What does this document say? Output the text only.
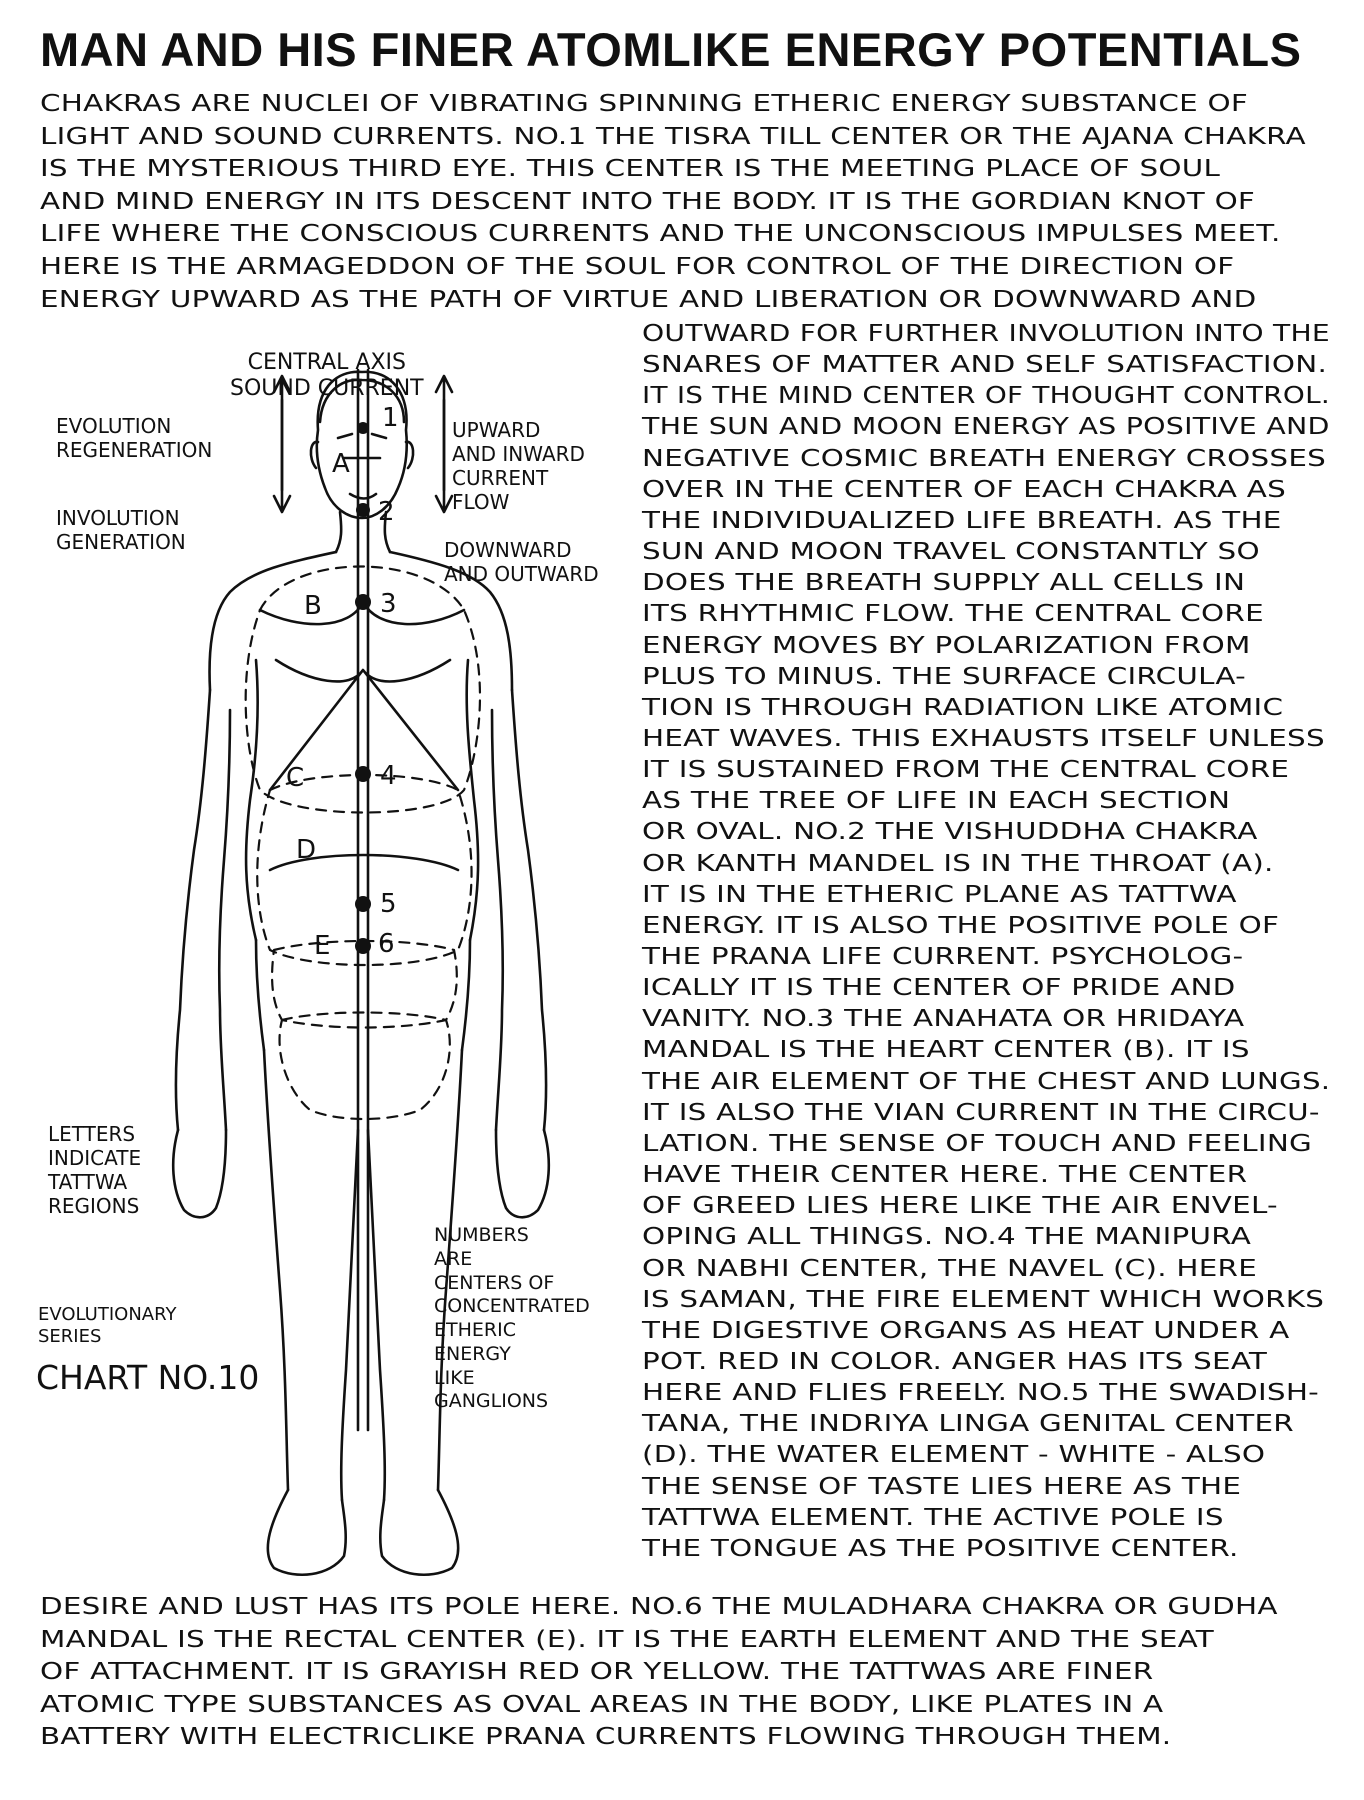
MAN AND HIS FINER ATOMLIKE ENERGY POTENTIALS
CHAKRAS ARE NUCLEI OF VIBRATING SPINNING ETHERIC ENERGY SUBSTANCE OF
LIGHT AND SOUND CURRENTS. NO.1 THE TISRA TILL CENTER OR THE AJANA CHAKRA
IS THE MYSTERIOUS THIRD EYE. THIS CENTER IS THE MEETING PLACE OF SOUL
AND MIND ENERGY IN ITS DESCENT INTO THE BODY. IT IS THE GORDIAN KNOT OF
LIFE WHERE THE CONSCIOUS CURRENTS AND THE UNCONSCIOUS IMPULSES MEET.
HERE IS THE ARMAGEDDON OF THE SOUL FOR CONTROL OF THE DIRECTION OF
ENERGY UPWARD AS THE PATH OF VIRTUE AND LIBERATION OR DOWNWARD AND
OUTWARD FOR FURTHER INVOLUTION INTO THE
SNARES OF MATTER AND SELF SATISFACTION.
IT IS THE MIND CENTER OF THOUGHT CONTROL.
THE SUN AND MOON ENERGY AS POSITIVE AND
NEGATIVE COSMIC BREATH ENERGY CROSSES
OVER IN THE CENTER OF EACH CHAKRA AS
THE INDIVIDUALIZED LIFE BREATH. AS THE
SUN AND MOON TRAVEL CONSTANTLY SO
DOES THE BREATH SUPPLY ALL CELLS IN
ITS RHYTHMIC FLOW. THE CENTRAL CORE
ENERGY MOVES BY POLARIZATION FROM
PLUS TO MINUS. THE SURFACE CIRCULA-
TION IS THROUGH RADIATION LIKE ATOMIC
HEAT WAVES. THIS EXHAUSTS ITSELF UNLESS
IT IS SUSTAINED FROM THE CENTRAL CORE
AS THE TREE OF LIFE IN EACH SECTION
OR OVAL. NO.2 THE VISHUDDHA CHAKRA
OR KANTH MANDEL IS IN THE THROAT (A).
IT IS IN THE ETHERIC PLANE AS TATTWA
ENERGY. IT IS ALSO THE POSITIVE POLE OF
THE PRANA LIFE CURRENT. PSYCHOLOG-
ICALLY IT IS THE CENTER OF PRIDE AND
VANITY. NO.3 THE ANAHATA OR HRIDAYA
MANDAL IS THE HEART CENTER (B). IT IS
THE AIR ELEMENT OF THE CHEST AND LUNGS.
IT IS ALSO THE VIAN CURRENT IN THE CIRCU-
LATION. THE SENSE OF TOUCH AND FEELING
HAVE THEIR CENTER HERE. THE CENTER
OF GREED LIES HERE LIKE THE AIR ENVEL-
OPING ALL THINGS. NO.4 THE MANIPURA
OR NABHI CENTER, THE NAVEL (C). HERE
IS SAMAN, THE FIRE ELEMENT WHICH WORKS
THE DIGESTIVE ORGANS AS HEAT UNDER A
POT. RED IN COLOR. ANGER HAS ITS SEAT
HERE AND FLIES FREELY. NO.5 THE SWADISH-
TANA, THE INDRIYA LINGA GENITAL CENTER
(D). THE WATER ELEMENT - WHITE - ALSO
THE SENSE OF TASTE LIES HERE AS THE
TATTWA ELEMENT. THE ACTIVE POLE IS
THE TONGUE AS THE POSITIVE CENTER.
DESIRE AND LUST HAS ITS POLE HERE. NO.6 THE MULADHARA CHAKRA OR GUDHA
MANDAL IS THE RECTAL CENTER (E). IT IS THE EARTH ELEMENT AND THE SEAT
OF ATTACHMENT. IT IS GRAYISH RED OR YELLOW. THE TATTWAS ARE FINER
ATOMIC TYPE SUBSTANCES AS OVAL AREAS IN THE BODY, LIKE PLATES IN A
BATTERY WITH ELECTRICLIKE PRANA CURRENTS FLOWING THROUGH THEM.
1
2
3
4
5
6
A
B
C
D
E
CENTRAL AXIS
SOUND CURRENT
EVOLUTION
REGENERATION
INVOLUTION
GENERATION
UPWARD
AND INWARD
CURRENT
FLOW
DOWNWARD
AND OUTWARD
LETTERS
INDICATE
TATTWA
REGIONS
NUMBERS
ARE
CENTERS OF
CONCENTRATED
ETHERIC
ENERGY
LIKE
GANGLIONS
EVOLUTIONARY
SERIES
CHART NO.10
